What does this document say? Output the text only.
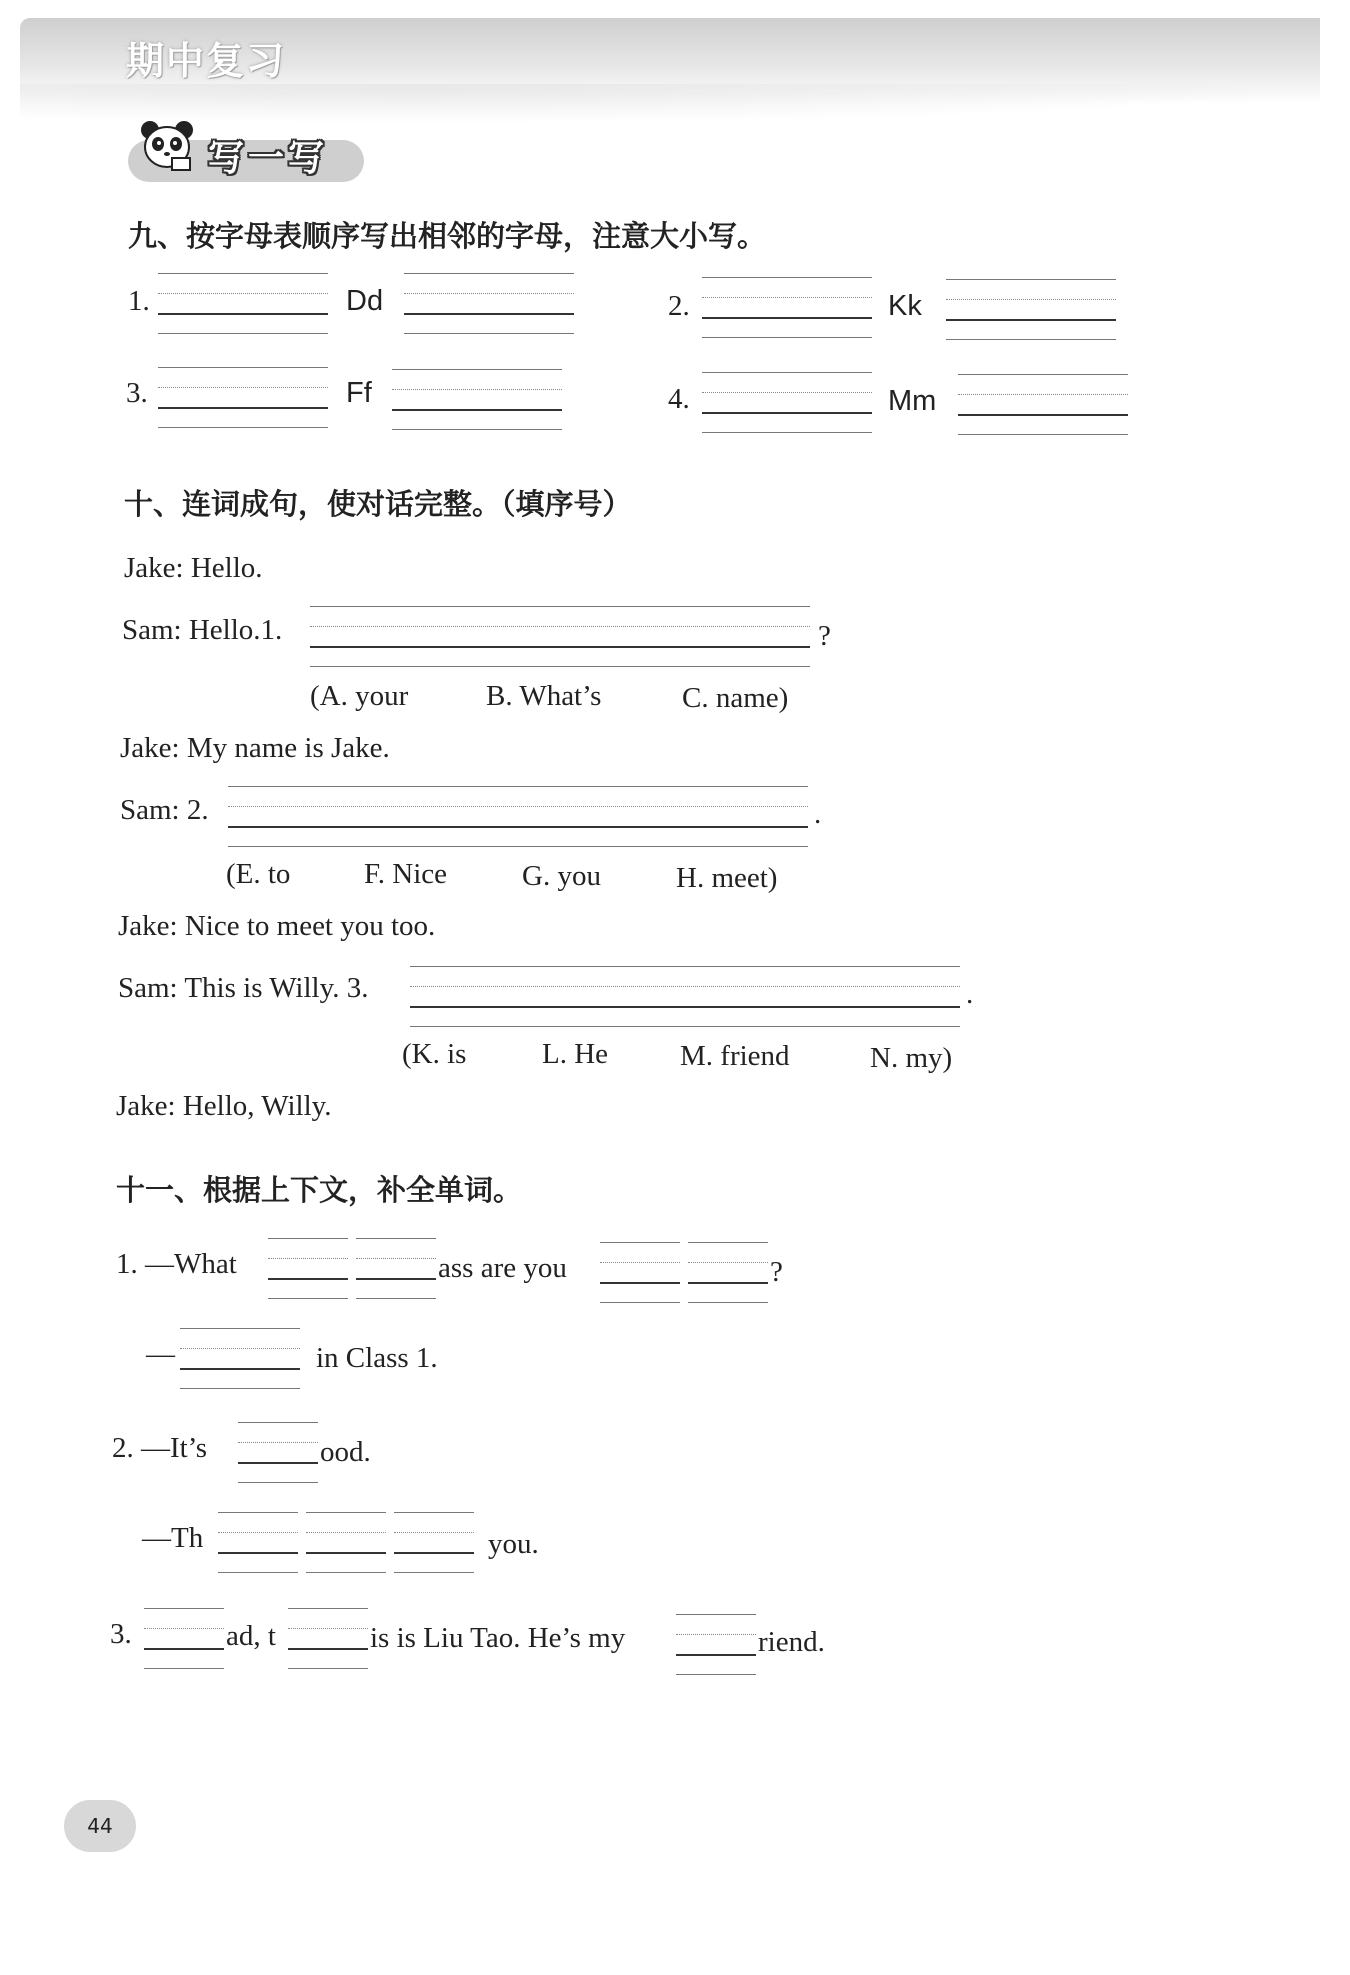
期中复习
写一写
九、按字母表顺序写出相邻的字母，注意大小写。
1.	Dd	2.	Kk
3.	Ff	4.	Mm
十、连词成句，使对话完整。（填序号）
Jake: Hello.
Sam: Hello.1.	?
(A. your	B. What’s	C. name)
Jake: My name is Jake.
Sam: 2.	.
(E. to	F. Nice	G. you	H. meet)
Jake: Nice to meet you too.
Sam: This is Willy. 3.	.
(K. is	L. He M. friend	N. my)
Jake: Hello, Willy.
十一、根据上下文，补全单词。
1. —What	ass are you	?
—	in Class 1.
2. —It’s	ood.
—Th	you.
3.	ad, t	is is Liu Tao. He’s my	riend.
44
